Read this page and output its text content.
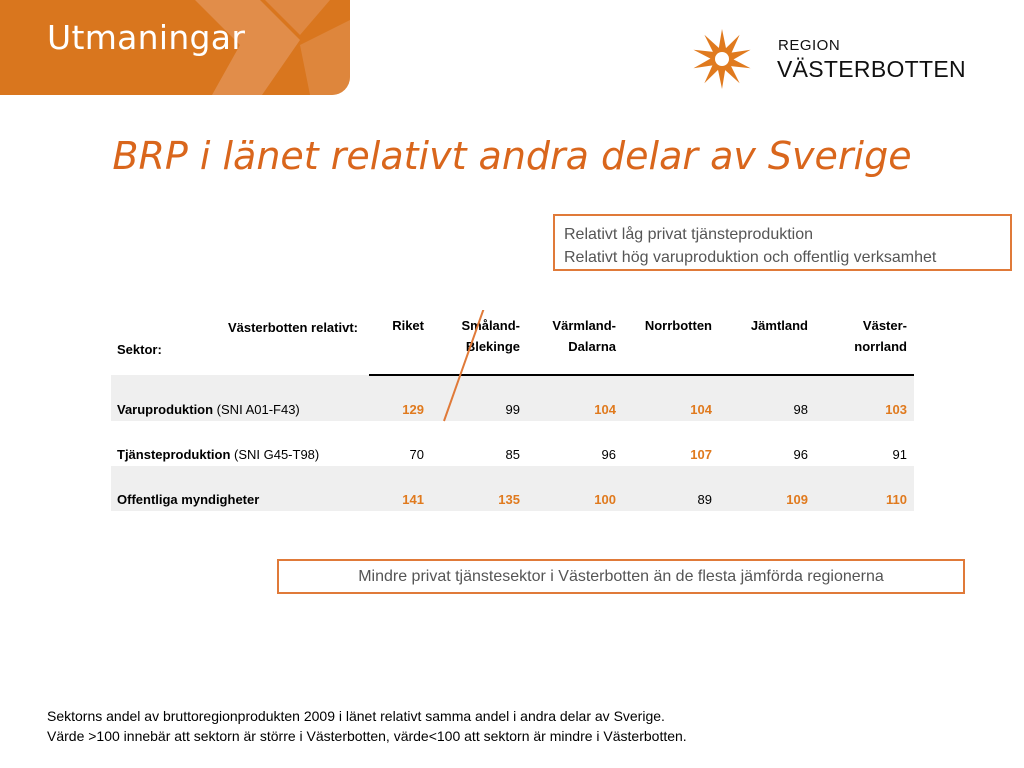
Utmaningar	REGION
VÄSTERBOTTEN
BRP i länet relativt andra delar av Sverige
Relativt låg privat tjänsteproduktion
Relativt hög varuproduktion och offentlig verksamhet
Västerbotten relativt:
Sektor:	Riket	Småland-
Blekinge	Värmland-
Dalarna	Norrbotten	Jämtland	Väster-
norrland
Varuproduktion (SNI A01-F43)	129	99	104	104	98	103
Tjänsteproduktion (SNI G45-T98)	70	85	96	107	96	91
Offentliga myndigheter	141	135	100	89	109	110
Mindre privat tjänstesektor i Västerbotten än de flesta jämförda regionerna
Sektorns andel av bruttoregionprodukten 2009 i länet relativt samma andel i andra delar av Sverige.
Värde >100 innebär att sektorn är större i Västerbotten, värde<100 att sektorn är mindre i Västerbotten.
